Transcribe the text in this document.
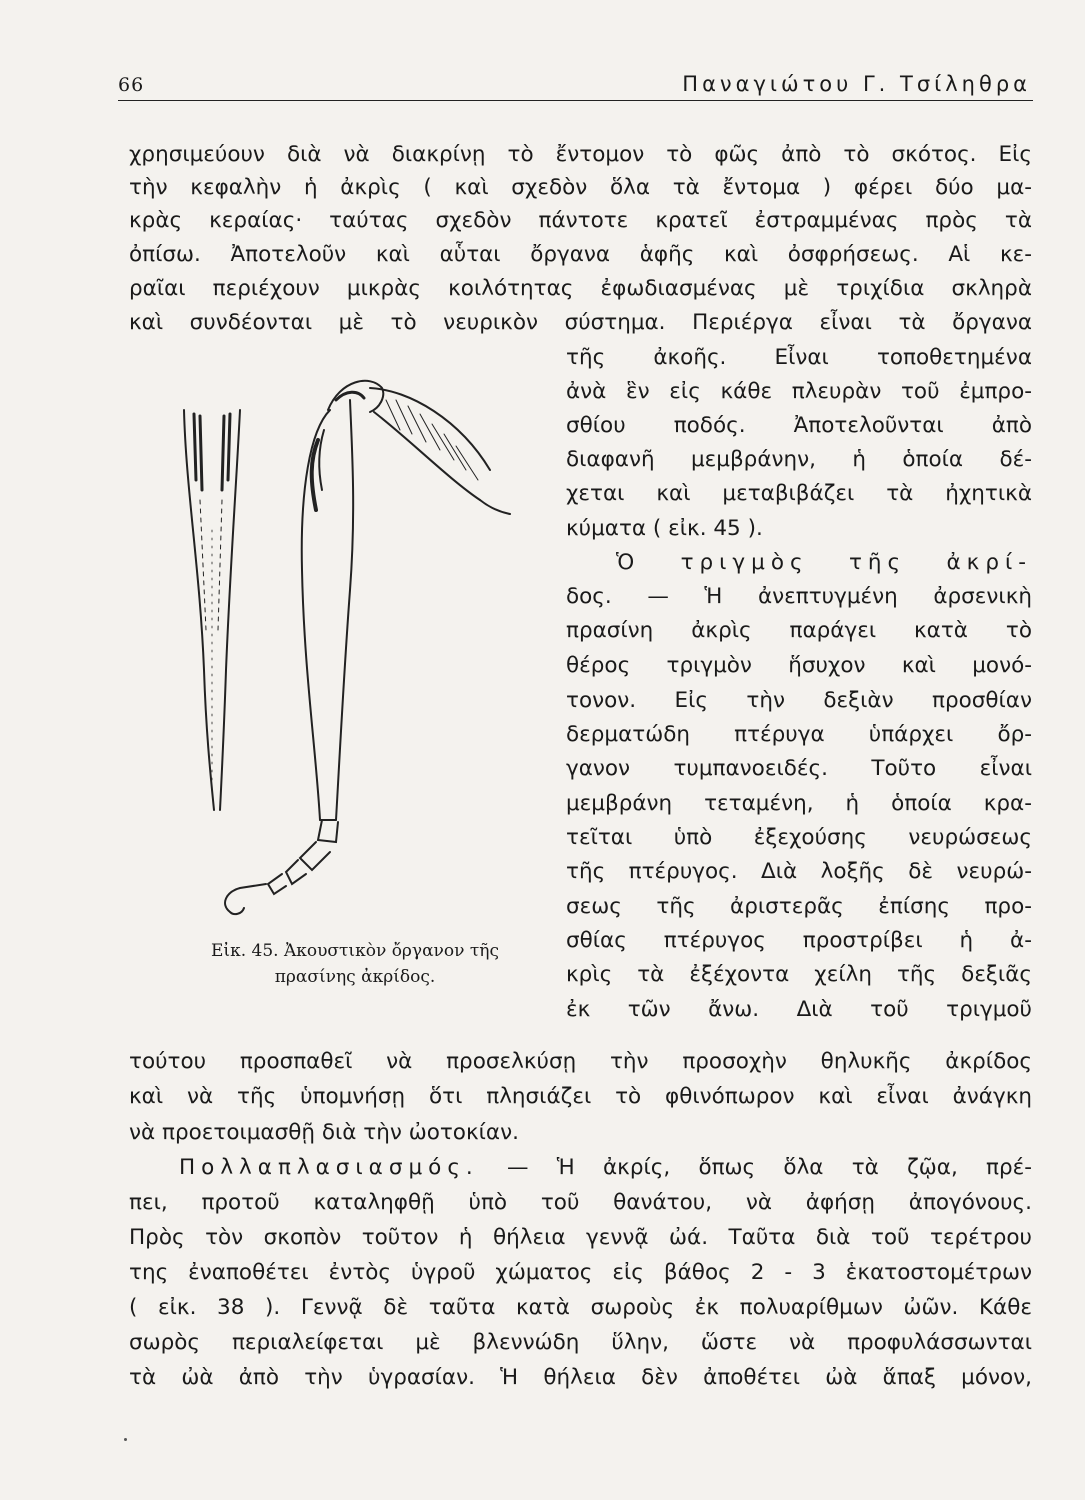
66	Παναγιώτου Γ. Τσίληθρα
χρησιμεύουν διὰ νὰ διακρίνῃ τὸ ἔντομον τὸ φῶς ἀπὸ τὸ σκότος. Εἰς
τὴν κεφαλὴν ἡ ἀκρὶς ( καὶ σχεδὸν ὅλα τὰ ἔντομα ) φέρει δύο μα-
κρὰς κεραίας· ταύτας σχεδὸν πάντοτε κρατεῖ ἐστραμμένας πρὸς τὰ
ὀπίσω. Ἀποτελοῦν καὶ αὗται ὄργανα ἁφῆς καὶ ὀσφρήσεως. Αἱ κε-
ραῖαι περιέχουν μικρὰς κοιλότητας ἐφωδιασμένας μὲ τριχίδια σκληρὰ
καὶ συνδέονται μὲ τὸ νευρικὸν σύστημα. Περιέργα εἶναι τὰ ὄργανα
τῆς ἀκοῆς. Εἶναι τοποθετημένα
ἀνὰ ἓν εἰς κάθε πλευρὰν τοῦ ἐμπρο-
σθίου ποδός. Ἀποτελοῦνται ἀπὸ
διαφανῆ μεμβράνην, ἡ ὁποία δέ-
χεται καὶ μεταβιβάζει τὰ ἠχητικὰ
κύματα ( εἰκ. 45 ).
Ὁ τριγμὸς τῆς ἀκρί-
δος. — Ἡ ἀνεπτυγμένη ἀρσενικὴ
πρασίνη ἀκρὶς παράγει κατὰ τὸ
θέρος τριγμὸν ἥσυχον καὶ μονό-
τονον. Εἰς τὴν δεξιὰν προσθίαν
δερματώδη πτέρυγα ὑπάρχει ὄρ-
γανον τυμπανοειδές. Τοῦτο εἶναι
μεμβράνη τεταμένη, ἡ ὁποία κρα-
τεῖται ὑπὸ ἐξεχούσης νευρώσεως
τῆς πτέρυγος. Διὰ λοξῆς δὲ νευρώ-
σεως τῆς ἀριστερᾶς ἐπίσης προ-
σθίας πτέρυγος προστρίβει ἡ ἀ-
κρὶς τὰ ἐξέχοντα χείλη τῆς δεξιᾶς
ἐκ τῶν ἄνω. Διὰ τοῦ τριγμοῦ
Εἰκ. 45. Ἀκουστικὸν ὄργανον τῆς
πρασίνης ἀκρίδος.
τούτου προσπαθεῖ νὰ προσελκύσῃ τὴν προσοχὴν θηλυκῆς ἀκρίδος
καὶ νὰ τῆς ὑπομνήσῃ ὅτι πλησιάζει τὸ φθινόπωρον καὶ εἶναι ἀνάγκη
νὰ προετοιμασθῇ διὰ τὴν ὠοτοκίαν.
Πολλαπλασιασμός. — Ἡ ἀκρίς, ὅπως ὅλα τὰ ζῷα, πρέ-
πει, προτοῦ καταληφθῇ ὑπὸ τοῦ θανάτου, νὰ ἀφήσῃ ἀπογόνους.
Πρὸς τὸν σκοπὸν τοῦτον ἡ θήλεια γεννᾷ ὠά. Ταῦτα διὰ τοῦ τερέτρου
της ἐναποθέτει ἐντὸς ὑγροῦ χώματος εἰς βάθος 2 - 3 ἑκατοστομέτρων
( εἰκ. 38 ). Γεννᾷ δὲ ταῦτα κατὰ σωροὺς ἐκ πολυαρίθμων ὠῶν. Κάθε
σωρὸς περιαλείφεται μὲ βλεννώδη ὕλην, ὥστε νὰ προφυλάσσωνται
τὰ ὠὰ ἀπὸ τὴν ὑγρασίαν. Ἡ θήλεια δὲν ἀποθέτει ὠὰ ἅπαξ μόνον,
